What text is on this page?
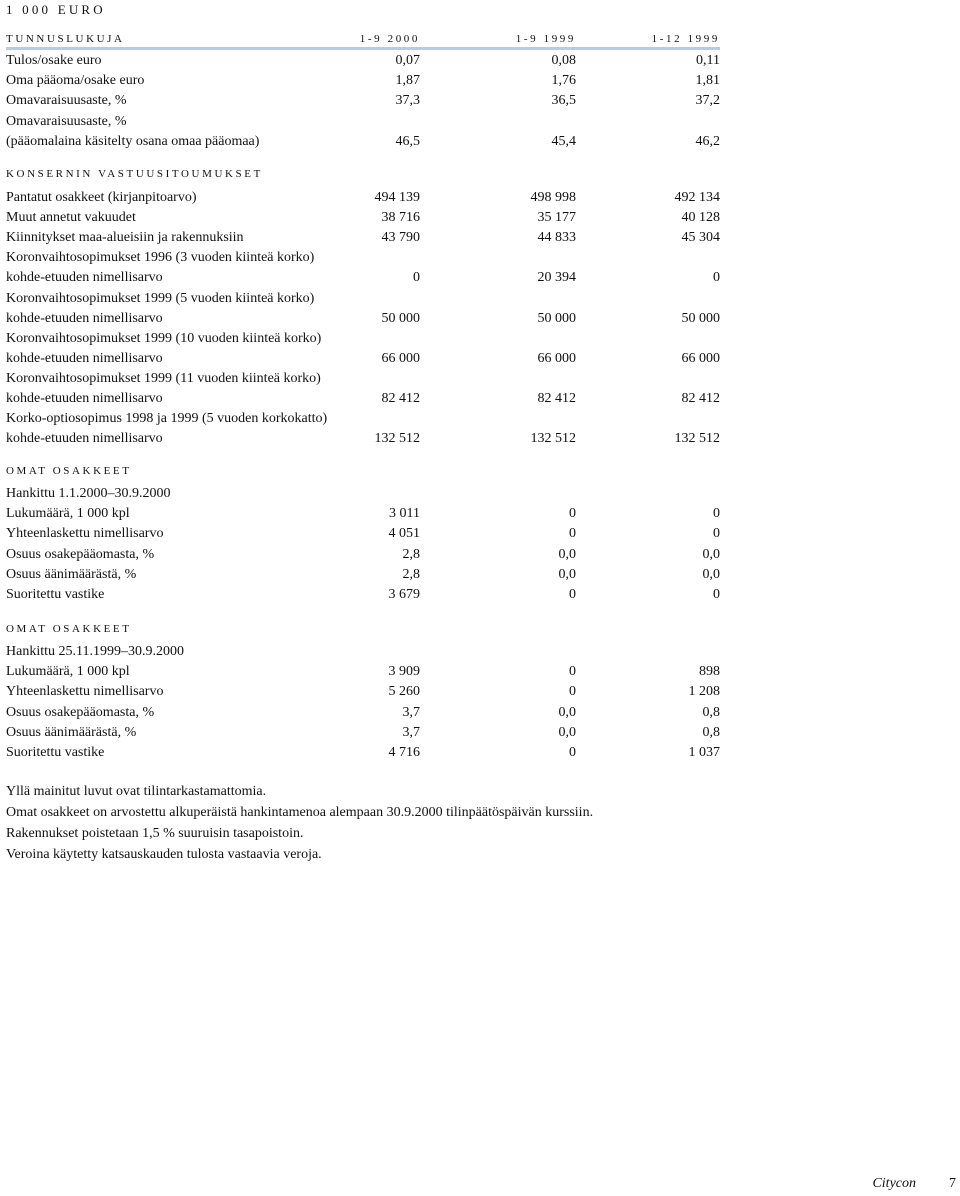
1 000 EURO
TUNNUSLUKUJA	1-9 2000	1-9 1999	1-12 1999
Tulos/osake euro	0,07	0,08	0,11
Oma pääoma/osake euro	1,87	1,76	1,81
Omavaraisuusaste, %	37,3	36,5	37,2
Omavaraisuusaste, %
(pääomalaina käsitelty osana omaa pääomaa)	46,5	45,4	46,2
KONSERNIN VASTUUSITOUMUKSET
Pantatut osakkeet (kirjanpitoarvo)	494 139	498 998	492 134
Muut annetut vakuudet	38 716	35 177	40 128
Kiinnitykset maa-alueisiin ja rakennuksiin	43 790	44 833	45 304
Koronvaihtosopimukset 1996 (3 vuoden kiinteä korko)
kohde-etuuden nimellisarvo	0	20 394	0
Koronvaihtosopimukset 1999 (5 vuoden kiinteä korko)
kohde-etuuden nimellisarvo	50 000	50 000	50 000
Koronvaihtosopimukset 1999 (10 vuoden kiinteä korko)
kohde-etuuden nimellisarvo	66 000	66 000	66 000
Koronvaihtosopimukset 1999 (11 vuoden kiinteä korko)
kohde-etuuden nimellisarvo	82 412	82 412	82 412
Korko-optiosopimus 1998 ja 1999 (5 vuoden korkokatto)
kohde-etuuden nimellisarvo	132 512	132 512	132 512
OMAT OSAKKEET
Hankittu 1.1.2000–30.9.2000
Lukumäärä, 1 000 kpl	3 011	0	0
Yhteenlaskettu nimellisarvo	4 051	0	0
Osuus osakepääomasta, %	2,8	0,0	0,0
Osuus äänimäärästä, %	2,8	0,0	0,0
Suoritettu vastike	3 679	0	0
OMAT OSAKKEET
Hankittu 25.11.1999–30.9.2000
Lukumäärä, 1 000 kpl	3 909	0	898
Yhteenlaskettu nimellisarvo	5 260	0	1 208
Osuus osakepääomasta, %	3,7	0,0	0,8
Osuus äänimäärästä, %	3,7	0,0	0,8
Suoritettu vastike	4 716	0	1 037
Yllä mainitut luvut ovat tilintarkastamattomia.
Omat osakkeet on arvostettu alkuperäistä hankintamenoa alempaan 30.9.2000 tilinpäätöspäivän kurssiin.
Rakennukset poistetaan 1,5 % suuruisin tasapoistoin.
Veroina käytetty katsauskauden tulosta vastaavia veroja.
Citycon 7
